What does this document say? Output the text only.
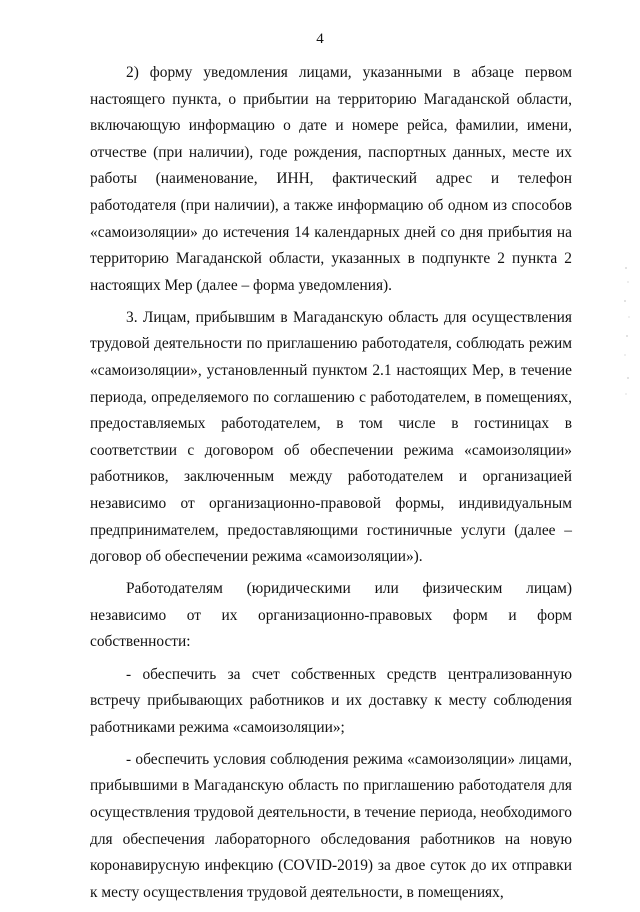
4

2) форму уведомления лицами, указанными в абзаце первом настоящего пункта, о прибытии на территорию Магаданской области, включающую информацию о дате и номере рейса, фамилии, имени, отчестве (при наличии), годе рождения, паспортных данных, месте их работы (наименование, ИНН, фактический адрес и телефон работодателя (при наличии), а также информацию об одном из способов «самоизоляции» до истечения 14 календарных дней со дня прибытия на территорию Магаданской области, указанных в подпункте 2 пункта 2 настоящих Мер (далее – форма уведомления).

3. Лицам, прибывшим в Магаданскую область для осуществления трудовой деятельности по приглашению работодателя, соблюдать режим «самоизоляции», установленный пунктом 2.1 настоящих Мер, в течение периода, определяемого по соглашению с работодателем, в помещениях, предоставляемых работодателем, в том числе в гостиницах в соответствии с договором об обеспечении режима «самоизоляции» работников, заключенным между работодателем и организацией независимо от организационно-правовой формы, индивидуальным предпринимателем, предоставляющими гостиничные услуги (далее – договор об обеспечении режима «самоизоляции»).

Работодателям (юридическими или физическим лицам) независимо от их организационно-правовых форм и форм собственности:

- обеспечить за счет собственных средств централизованную встречу прибывающих работников и их доставку к месту соблюдения работниками режима «самоизоляции»;

- обеспечить условия соблюдения режима «самоизоляции» лицами, прибывшими в Магаданскую область по приглашению работодателя для осуществления трудовой деятельности, в течение периода, необходимого для обеспечения лабораторного обследования работников на новую коронавирусную инфекцию (COVID-2019) за двое суток до их отправки к месту осуществления трудовой деятельности, в помещениях,
